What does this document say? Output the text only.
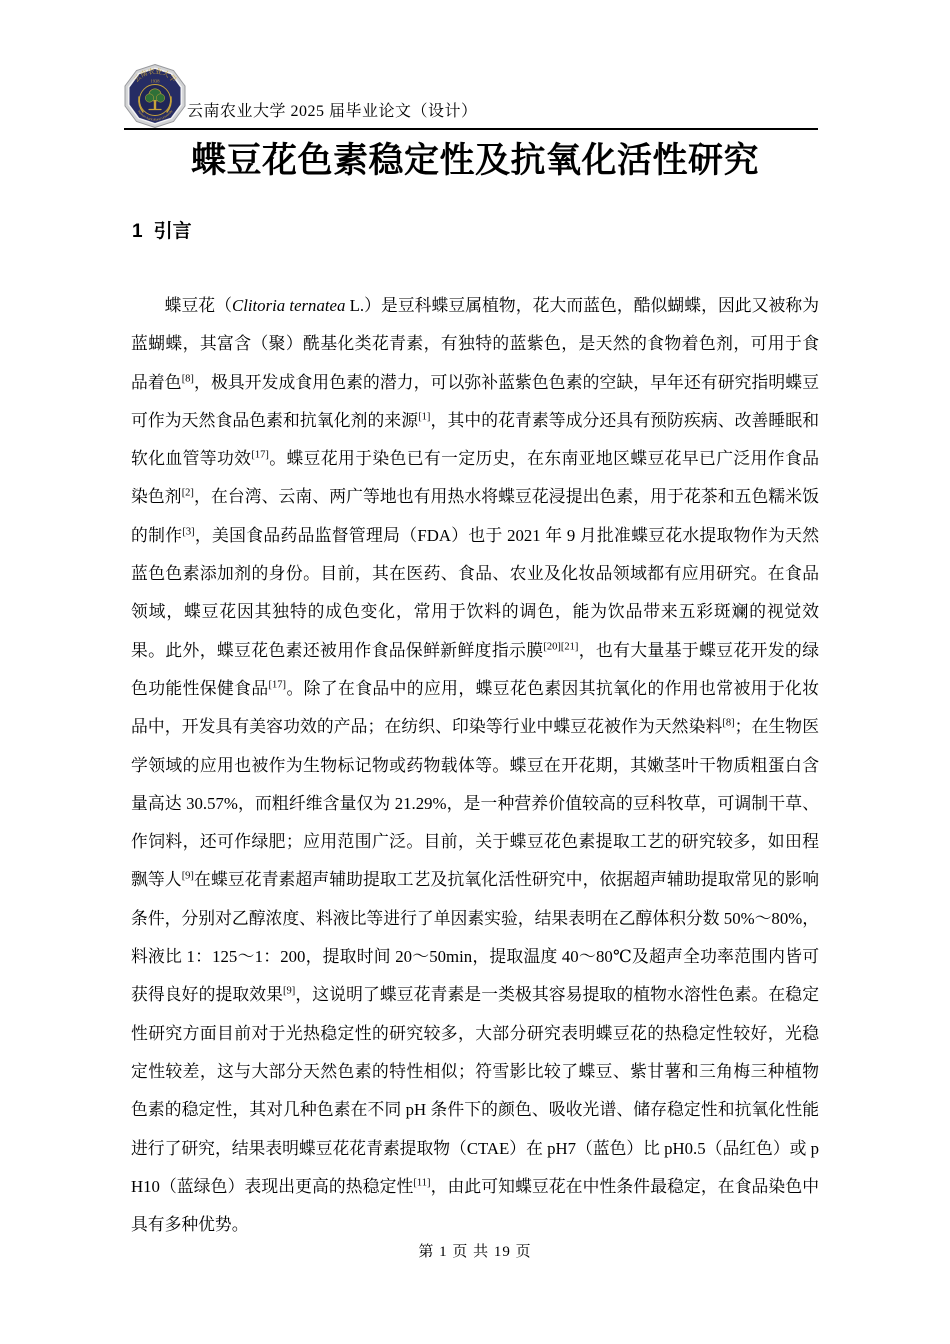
1938
云南农业大学
Yunnan Agricultural University 云南农业大学 2025 届毕业论文（设计）
蝶豆花色素稳定性及抗氧化活性研究
1 引言

蝶豆花（Clitoria ternatea L.）是豆科蝶豆属植物，花大而蓝色，酷似蝴蝶，因此又被称为蓝蝴蝶，其富含（聚）酰基化类花青素，有独特的蓝紫色，是天然的食物着色剂，可用于食品着色[8]，极具开发成食用色素的潜力，可以弥补蓝紫色色素的空缺，早年还有研究指明蝶豆可作为天然食品色素和抗氧化剂的来源[1]，其中的花青素等成分还具有预防疾病、改善睡眠和软化血管等功效[17]。蝶豆花用于染色已有一定历史，在东南亚地区蝶豆花早已广泛用作食品染色剂[2]，在台湾、云南、两广等地也有用热水将蝶豆花浸提出色素，用于花茶和五色糯米饭的制作[3]，美国食品药品监督管理局（FDA）也于 2021 年 9 月批准蝶豆花水提取物作为天然蓝色色素添加剂的身份。目前，其在医药、食品、农业及化妆品领域都有应用研究。在食品领域，蝶豆花因其独特的成色变化，常用于饮料的调色，能为饮品带来五彩斑斓的视觉效果。此外，蝶豆花色素还被用作食品保鲜新鲜度指示膜[20][21]，也有大量基于蝶豆花开发的绿色功能性保健食品[17]。除了在食品中的应用，蝶豆花色素因其抗氧化的作用也常被用于化妆品中，开发具有美容功效的产品；在纺织、印染等行业中蝶豆花被作为天然染料[8]；在生物医学领域的应用也被作为生物标记物或药物载体等。蝶豆在开花期，其嫩茎叶干物质粗蛋白含量高达 30.57%，而粗纤维含量仅为 21.29%，是一种营养价值较高的豆科牧草，可调制干草、作饲料，还可作绿肥；应用范围广泛。目前，关于蝶豆花色素提取工艺的研究较多，如田程飘等人[9]在蝶豆花青素超声辅助提取工艺及抗氧化活性研究中，依据超声辅助提取常见的影响条件，分别对乙醇浓度、料液比等进行了单因素实验，结果表明在乙醇体积分数 50%～80%，料液比 1：125～1：200，提取时间 20～50min，提取温度 40～80℃及超声全功率范围内皆可获得良好的提取效果[9]，这说明了蝶豆花青素是一类极其容易提取的植物水溶性色素。在稳定性研究方面目前对于光热稳定性的研究较多，大部分研究表明蝶豆花的热稳定性较好，光稳定性较差，这与大部分天然色素的特性相似；符雪影比较了蝶豆、紫甘薯和三角梅三种植物色素的稳定性，其对几种色素在不同 pH 条件下的颜色、吸收光谱、储存稳定性和抗氧化性能进行了研究，结果表明蝶豆花花青素提取物（CTAE）在 pH7（蓝色）比 pH0.5（品红色）或 pH10（蓝绿色）表现出更高的热稳定性[11]，由此可知蝶豆花在中性条件最稳定，在食品染色中具有多种优势。

第 1 页 共 19 页
